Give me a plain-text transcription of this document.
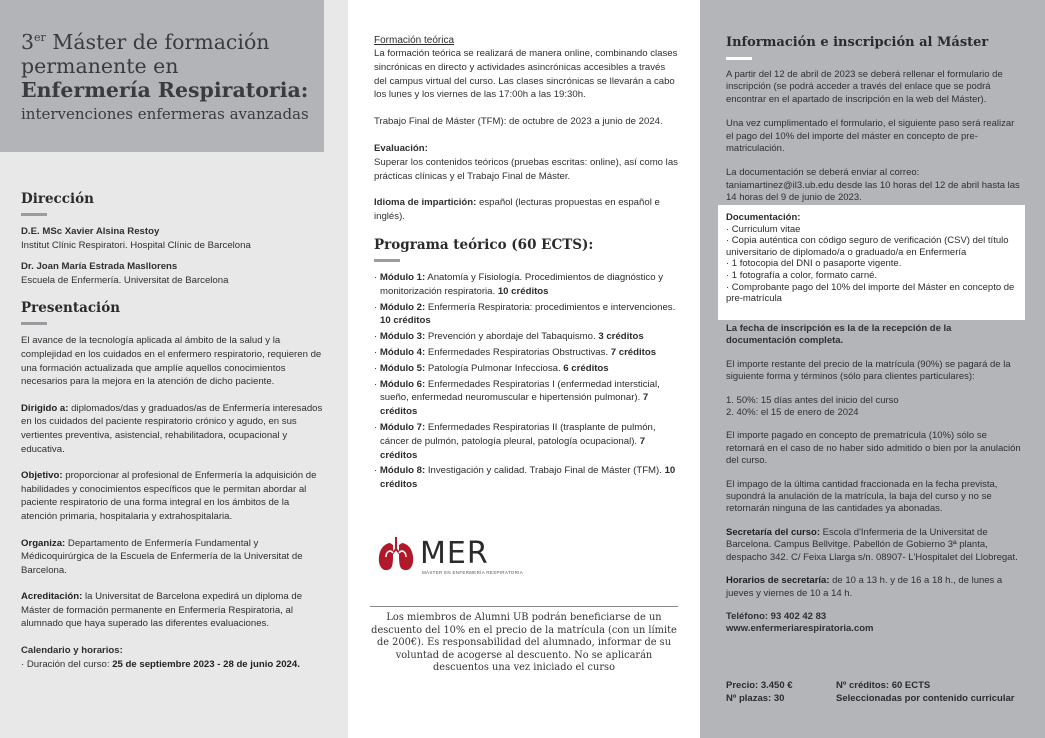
3er Máster de formación
permanente en
Enfermería Respiratoria:
intervenciones enfermeras avanzadas
Dirección

D.E. MSc Xavier Alsina Restoy

Institut Clínic Respiratori. Hospital Clínic de Barcelona

Dr. Joan María Estrada Masllorens

Escuela de Enfermería. Universitat de Barcelona

Presentación

El avance de la tecnología aplicada al ámbito de la salud y la complejidad en los cuidados en el enfermero respiratorio, requieren de una formación actualizada que amplíe aquellos conocimientos necesarios para la mejora en la atención de dicho paciente.

Dirigido a: diplomados/das y graduados/as de Enfermería interesados en los cuidados del paciente respiratorio crónico y agudo, en sus vertientes preventiva, asistencial, rehabilitadora, ocupacional y educativa.

Objetivo: proporcionar al profesional de Enfermería la adquisición de habilidades y conocimientos específicos que le permitan abordar al paciente respiratorio de una forma integral en los ámbitos de la atención primaria, hospitalaria y extrahospitalaria.

Organiza: Departamento de Enfermería Fundamental y Médicoquirúrgica de la Escuela de Enfermería de la Universitat de Barcelona.

Acreditación: la Universitat de Barcelona expedirá un diploma de Máster de formación permanente en Enfermería Respiratoria, al alumnado que haya superado las diferentes evaluaciones.

Calendario y horarios:

· Duración del curso: 25 de septiembre 2023 - 28 de junio 2024.

Formación teórica

La formación teórica se realizará de manera online, combinando clases sincrónicas en directo y actividades asincrónicas accesibles a través del campus virtual del curso. Las clases sincrónicas se llevarán a cabo los lunes y los viernes de las 17:00h a las 19:30h.

Trabajo Final de Máster (TFM): de octubre de 2023 a junio de 2024.

Evaluación:

Superar los contenidos teóricos (pruebas escritas: online), así como las prácticas clínicas y el Trabajo Final de Máster.

Idioma de impartición: español (lecturas propuestas en español e inglés).

Programa teórico (60 ECTS):

· Módulo 1: Anatomía y Fisiología. Procedimientos de diagnóstico y monitorización respiratoria. 10 créditos

· Módulo 2: Enfermería Respiratoria: procedimientos e intervenciones. 10 créditos

· Módulo 3: Prevención y abordaje del Tabaquismo. 3 créditos

· Módulo 4: Enfermedades Respiratorias Obstructivas. 7 créditos

· Módulo 5: Patología Pulmonar Infecciosa. 6 créditos

· Módulo 6: Enfermedades Respiratorias I (enfermedad intersticial, sueño, enfermedad neuromuscular e hipertensión pulmonar). 7 créditos

· Módulo 7: Enfermedades Respiratorias II (trasplante de pulmón, cáncer de pulmón, patología pleural, patología ocupacional). 7 créditos

· Módulo 8: Investigación y calidad. Trabajo Final de Máster (TFM). 10 créditos

MER
MÁSTER EN ENFERMERÍA RESPIRATORIA
Los miembros de Alumni UB podrán beneficiarse de un descuento del 10% en el precio de la matrícula (con un límite de 200€). Es responsabilidad del alumnado, informar de su voluntad de acogerse al descuento. No se aplicarán descuentos una vez iniciado el curso
Información e inscripción al Máster

A partir del 12 de abril de 2023 se deberá rellenar el formulario de inscripción (se podrá acceder a través del enlace que se podrá encontrar en el apartado de inscripción en la web del Máster).

Una vez cumplimentado el formulario, el siguiente paso será realizar el pago del 10% del importe del máster en concepto de pre-matriculación.

La documentación se deberá enviar al correo: taniamartinez@il3.ub.edu desde las 10 horas del 12 de abril hasta las 14 horas del 9 de junio de 2023.

Documentación:

· Curriculum vitae

· Copia auténtica con código seguro de verificación (CSV) del título universitario de diplomado/a o graduado/a en Enfermería

· 1 fotocopia del DNI o pasaporte vigente.

· 1 fotografía a color, formato carné.

· Comprobante pago del 10% del importe del Máster en concepto de pre-matrícula

La fecha de inscripción es la de la recepción de la documentación completa.

El importe restante del precio de la matrícula (90%) se pagará de la siguiente forma y términos (sólo para clientes particulares):

1. 50%: 15 días antes del inicio del curso

2. 40%: el 15 de enero de 2024

El importe pagado en concepto de prematrícula (10%) sólo se retornará en el caso de no haber sido admitido o bien por la anulación del curso.

El impago de la última cantidad fraccionada en la fecha prevista, supondrá la anulación de la matrícula, la baja del curso y no se retornarán ninguna de las cantidades ya abonadas.

Secretaría del curso: Escola d'Infermeria de la Universitat de Barcelona. Campus Bellvitge. Pabellón de Gobierno 3ª planta, despacho 342. C/ Feixa Llarga s/n. 08907- L'Hospitalet del Llobregat.

Horarios de secretaría: de 10 a 13 h. y de 16 a 18 h., de lunes a jueves y viernes de 10 a 14 h.

Teléfono: 93 402 42 83

www.enfermeriarespiratoria.com

Precio: 3.450 €
Nº plazas: 30
Nº créditos: 60 ECTS
Seleccionadas por contenido curricular
